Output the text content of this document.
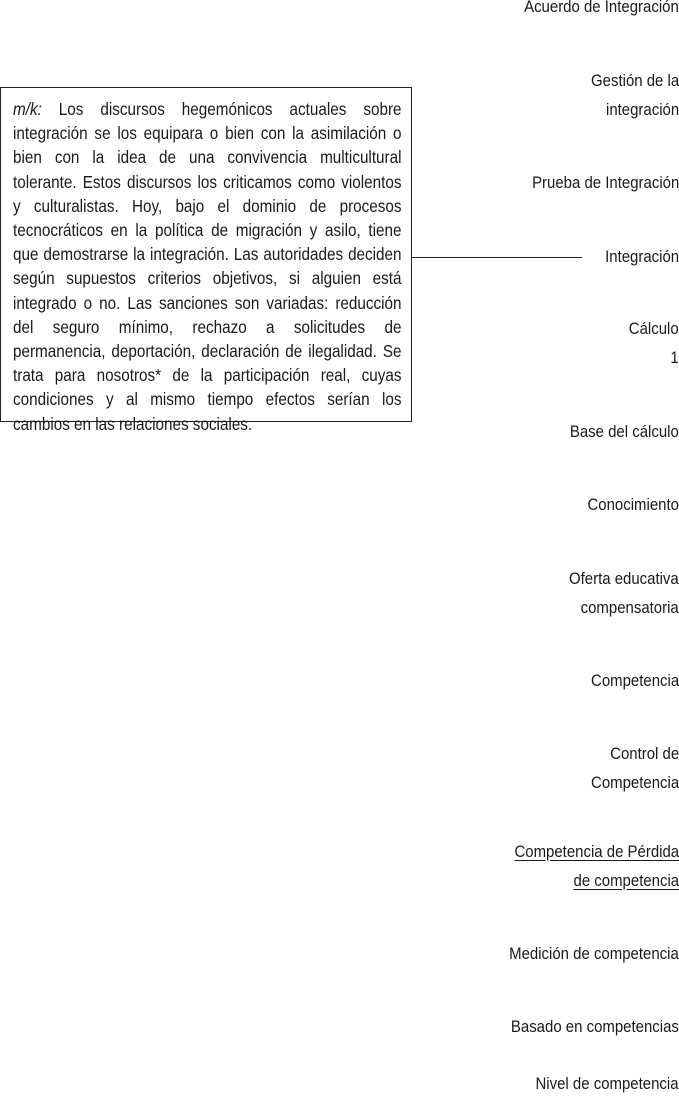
Acuerdo de Integración
Gestión de la
integración

m/k: Los discursos hegemónicos actuales sobre integración se los equipara o bien con la asimilación o bien con la idea de una convivencia multicultural tolerante. Estos discursos los criticamos como violentos y culturalistas. Hoy, bajo el dominio de procesos tecnocráticos en la política de migración y asilo, tiene que demostrarse la integración. Las autoridades deciden según supuestos criterios objetivos, si alguien está integrado o no. Las sanciones son variadas: reducción del seguro mínimo, rechazo a solicitudes de permanencia, deportación, declaración de ilegalidad. Se trata para nosotros* de la participación real, cuyas condiciones y al mismo tiempo efectos serían los cambios en las relaciones sociales.

Prueba de Integración
Integración
Cálculo
1
Base del cálculo
Conocimiento
Oferta educativa
compensatoria
Competencia
Control de
Competencia
Competencia de Pérdida
de competencia
Medición de competencia
Basado en competencias
Nivel de competencia
